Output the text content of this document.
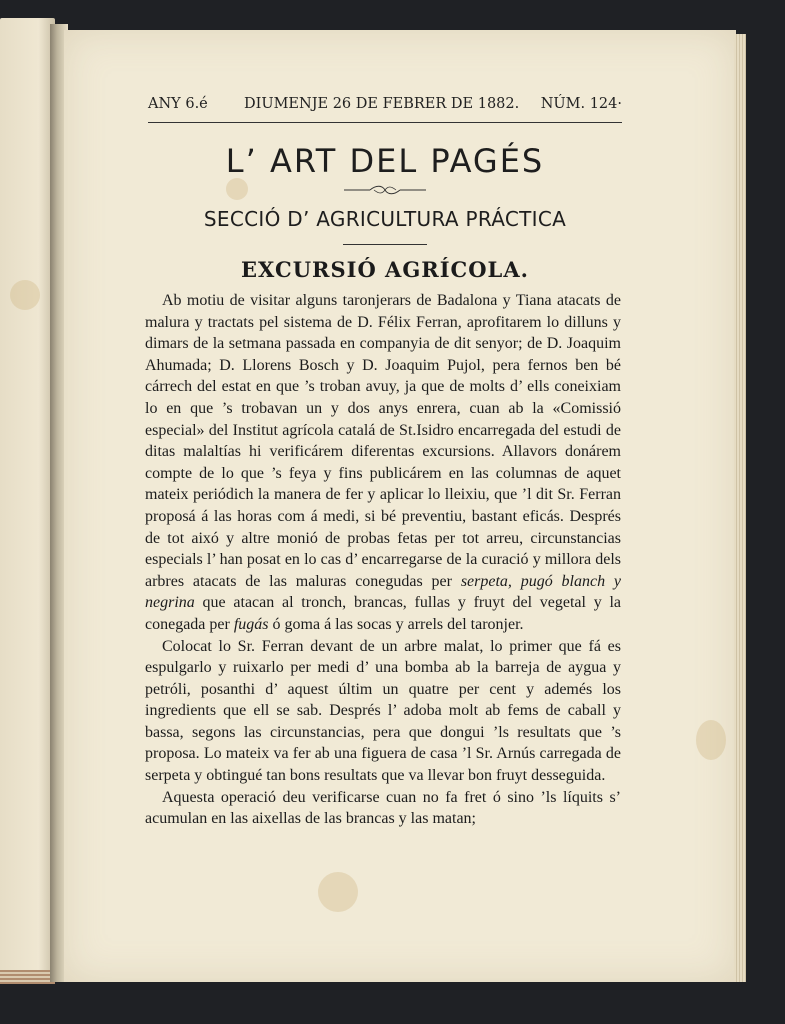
ANY 6.é DIUMENJE 26 DE FEBRER DE 1882. NÚM. 124·
L’ ART DEL PAGÉS
SECCIÓ D’ AGRICULTURA PRÁCTICA
EXCURSIÓ AGRÍCOLA.

Ab motiu de visitar alguns taronjerars de Badalona y Tiana atacats de malura y tractats pel sistema de D. Félix Ferran, aprofitarem lo dilluns y dimars de la setmana passada en companyia de dit senyor; de D. Joaquim Ahumada; D. Llorens Bosch y D. Joaquim Pujol, pera fernos ben bé cárrech del estat en que ’s troban avuy, ja que de molts d’ ells coneixiam lo en que ’s trobavan un y dos anys enrera, cuan ab la «Comissió especial» del Institut agrícola catalá de St.Isidro encarregada del estudi de ditas malaltías hi verificárem diferentas excursions. Allavors donárem compte de lo que ’s feya y fins publicárem en las columnas de aquet mateix periódich la manera de fer y aplicar lo lleixiu, que ’l dit Sr. Ferran proposá á las horas com á medi, si bé preventiu, bastant eficás. Després de tot aixó y altre monió de probas fetas per tot arreu, circunstancias especials l’ han posat en lo cas d’ encarregarse de la curació y millora dels arbres atacats de las maluras conegudas per serpeta, pugó blanch y negrina que atacan al tronch, brancas, fullas y fruyt del vegetal y la conegada per fugás ó goma á las socas y arrels del taronjer.

Colocat lo Sr. Ferran devant de un arbre malat, lo primer que fá es espulgarlo y ruixarlo per medi d’ una bomba ab la barreja de aygua y petróli, posanthi d’ aquest últim un quatre per cent y ademés los ingredients que ell se sab. Després l’ adoba molt ab fems de caball y bassa, segons las circunstancias, pera que dongui ’ls resultats que ’s proposa. Lo mateix va fer ab una figuera de casa ’l Sr. Arnús carregada de serpeta y obtingué tan bons resultats que va llevar bon fruyt desseguida.

Aquesta operació deu verificarse cuan no fa fret ó sino ’ls líquits s’ acumulan en las aixellas de las brancas y las matan;
